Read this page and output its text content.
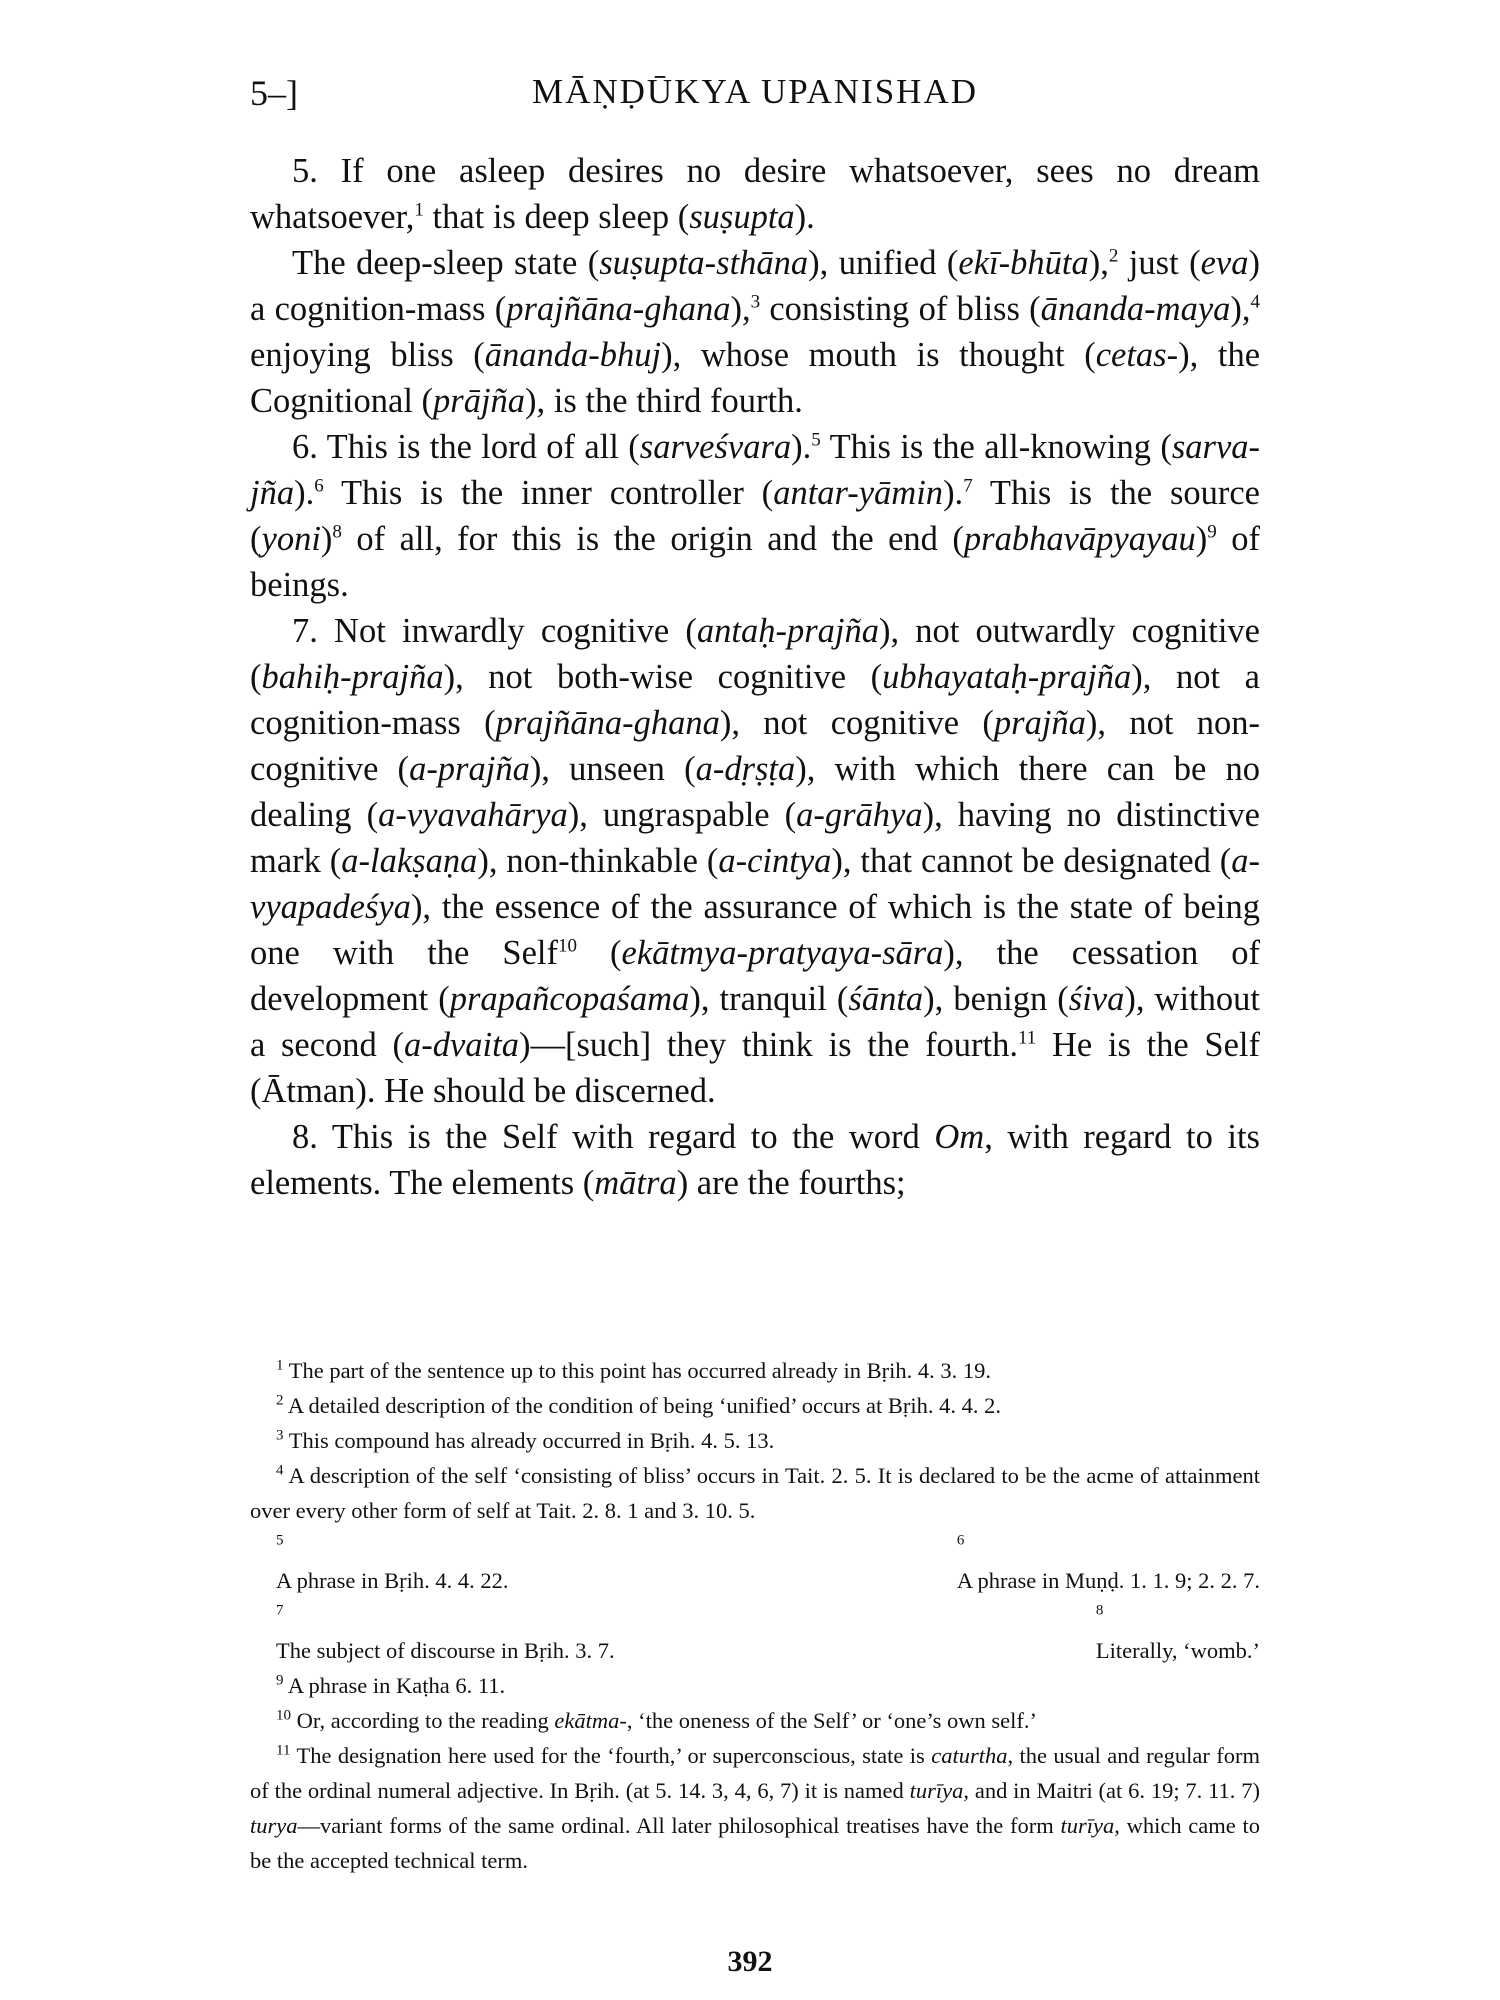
5–]	MĀṆḌŪKYA UPANISHAD

5. If one asleep desires no desire whatsoever, sees no dream whatsoever,$^1$ that is deep sleep (suṣupta).

The deep-sleep state (suṣupta-sthāna), unified (ekī-bhūta),$^2$ just (eva) a cognition-mass (prajñāna-ghana),$^3$ consisting of bliss (ānanda-maya),$^4$ enjoying bliss (ānanda-bhuj), whose mouth is thought (cetas-), the Cognitional (prājña), is the third fourth.

6. This is the lord of all (sarveśvara).$^5$ This is the all-knowing (sarva-jña).$^6$ This is the inner controller (antar-yāmin).$^7$ This is the source (yoni)$^8$ of all, for this is the origin and the end (prabhavāpyayau)$^9$ of beings.

7. Not inwardly cognitive (antaḥ-prajña), not outwardly cognitive (bahiḥ-prajña), not both-wise cognitive (ubhayataḥ-prajña), not a cognition-mass (prajñāna-ghana), not cognitive (prajña), not non-cognitive (a-prajña), unseen (a-dṛṣṭa), with which there can be no dealing (a-vyavahārya), ungraspable (a-grāhya), having no distinctive mark (a-lakṣaṇa), non-thinkable (a-cintya), that cannot be designated (a-vyapadeśya), the essence of the assurance of which is the state of being one with the Self$^{10}$ (ekātmya-pratyaya-sāra), the cessation of development (prapañcopaśama), tranquil (śānta), benign (śiva), without a second (a-dvaita)—[such] they think is the fourth.$^{11}$ He is the Self (Ātman). He should be discerned.

8. This is the Self with regard to the word Om, with regard to its elements. The elements (mātra) are the fourths;

$^1$ The part of the sentence up to this point has occurred already in Bṛih. 4. 3. 19.

$^2$ A detailed description of the condition of being ‘unified’ occurs at Bṛih. 4. 4. 2.

$^3$ This compound has already occurred in Bṛih. 4. 5. 13.

$^4$ A description of the self ‘consisting of bliss’ occurs in Tait. 2. 5. It is declared to be the acme of attainment over every other form of self at Tait. 2. 8. 1 and 3. 10. 5.

$^5$
A phrase in Bṛih. 4. 4. 22.
$^6$
A phrase in Muṇḍ. 1. 1. 9; 2. 2. 7.
$^7$
The subject of discourse in Bṛih. 3. 7.
$^8$
Literally, ‘womb.’

$^9$ A phrase in Kaṭha 6. 11.

$^{10}$ Or, according to the reading ekātma-, ‘the oneness of the Self’ or ‘one’s own self.’

$^{11}$ The designation here used for the ‘fourth,’ or superconscious, state is caturtha, the usual and regular form of the ordinal numeral adjective. In Bṛih. (at 5. 14. 3, 4, 6, 7) it is named turīya, and in Maitri (at 6. 19; 7. 11. 7) turya—variant forms of the same ordinal. All later philosophical treatises have the form turīya, which came to be the accepted technical term.

392
